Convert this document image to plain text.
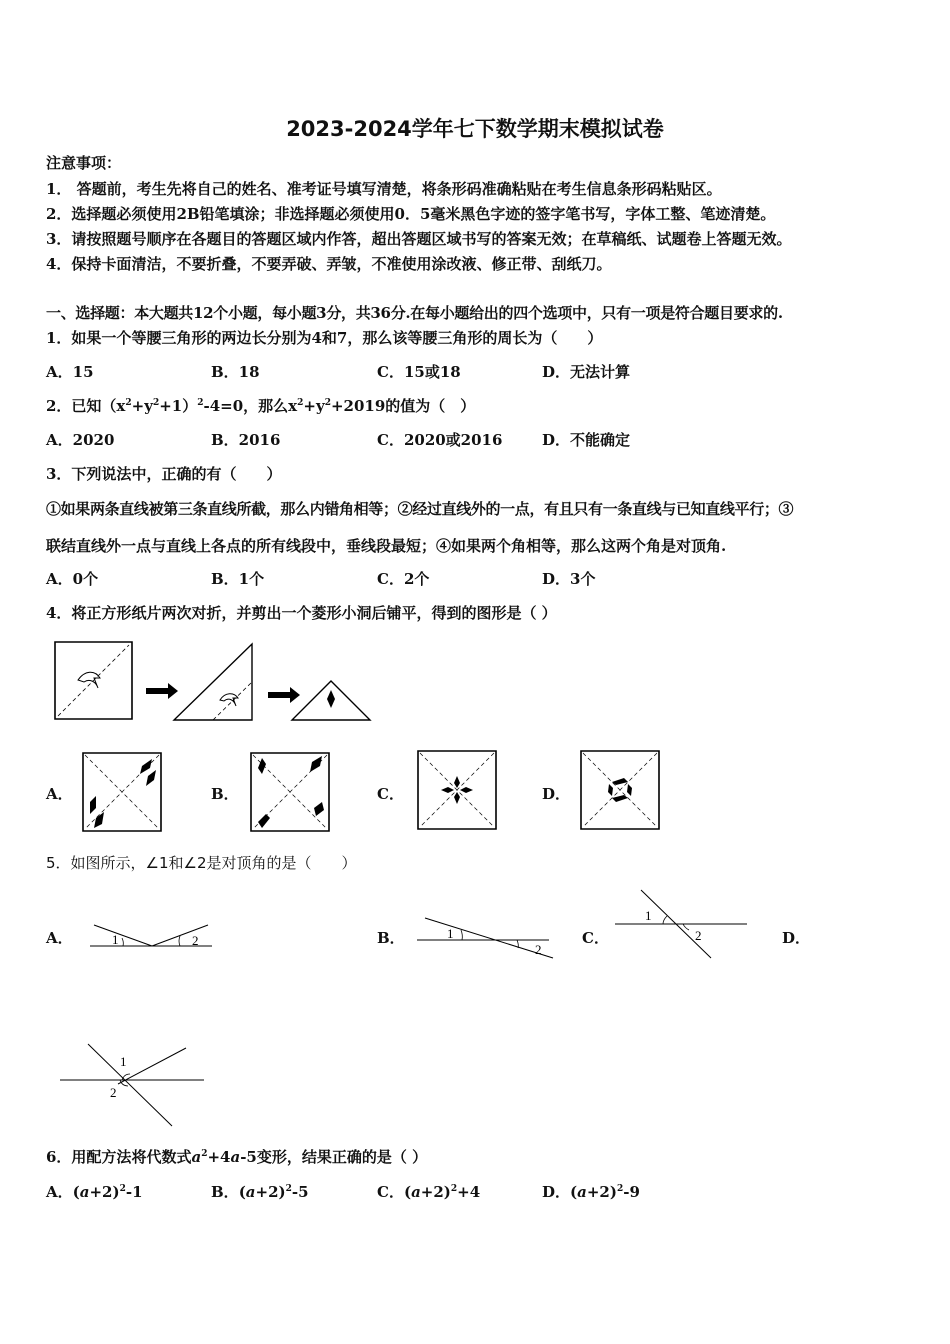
2023-2024学年七下数学期末模拟试卷
注意事项：
1． 答题前，考生先将自己的姓名、准考证号填写清楚，将条形码准确粘贴在考生信息条形码粘贴区。
2．选择题必须使用2B铅笔填涂；非选择题必须使用0．5毫米黑色字迹的签字笔书写，字体工整、笔迹清楚。
3．请按照题号顺序在各题目的答题区域内作答，超出答题区域书写的答案无效；在草稿纸、试题卷上答题无效。
4．保持卡面清洁，不要折叠，不要弄破、弄皱，不准使用涂改液、修正带、刮纸刀。
一、选择题：本大题共12个小题，每小题3分，共36分.在每小题给出的四个选项中，只有一项是符合题目要求的.
1．如果一个等腰三角形的两边长分别为4和7，那么该等腰三角形的周长为（　　）
A．15	B．18	C．15或18	D．无法计算
2．已知$(x^2+y^2+1)^2-4=0$，那么$x^2+y^2+2019$的值为（　）
A．2020	B．2016	C．2020或2016	D．不能确定
3．下列说法中，正确的有（　　）
①如果两条直线被第三条直线所截，那么内错角相等；②经过直线外的一点，有且只有一条直线与已知直线平行；③
联结直线外一点与直线上各点的所有线段中，垂线段最短；④如果两个角相等，那么这两个角是对顶角.
A．0个	B．1个	C．2个	D．3个
4．将正方形纸片两次对折，并剪出一个菱形小洞后铺平，得到的图形是（ ）
A．	B．	C．	D．
5．如图所示，∠1和∠2是对顶角的是（　　）
A．	1	2	B．	1
2
C．
1
2	D．
1
2
6．用配方法将代数式$a^2+4a-5$变形，结果正确的是（ ）
A．$(a+2)^2-1$	B．$(a+2)^2-5$	C．$(a+2)^2+4$	D．$(a+2)^2-9$
